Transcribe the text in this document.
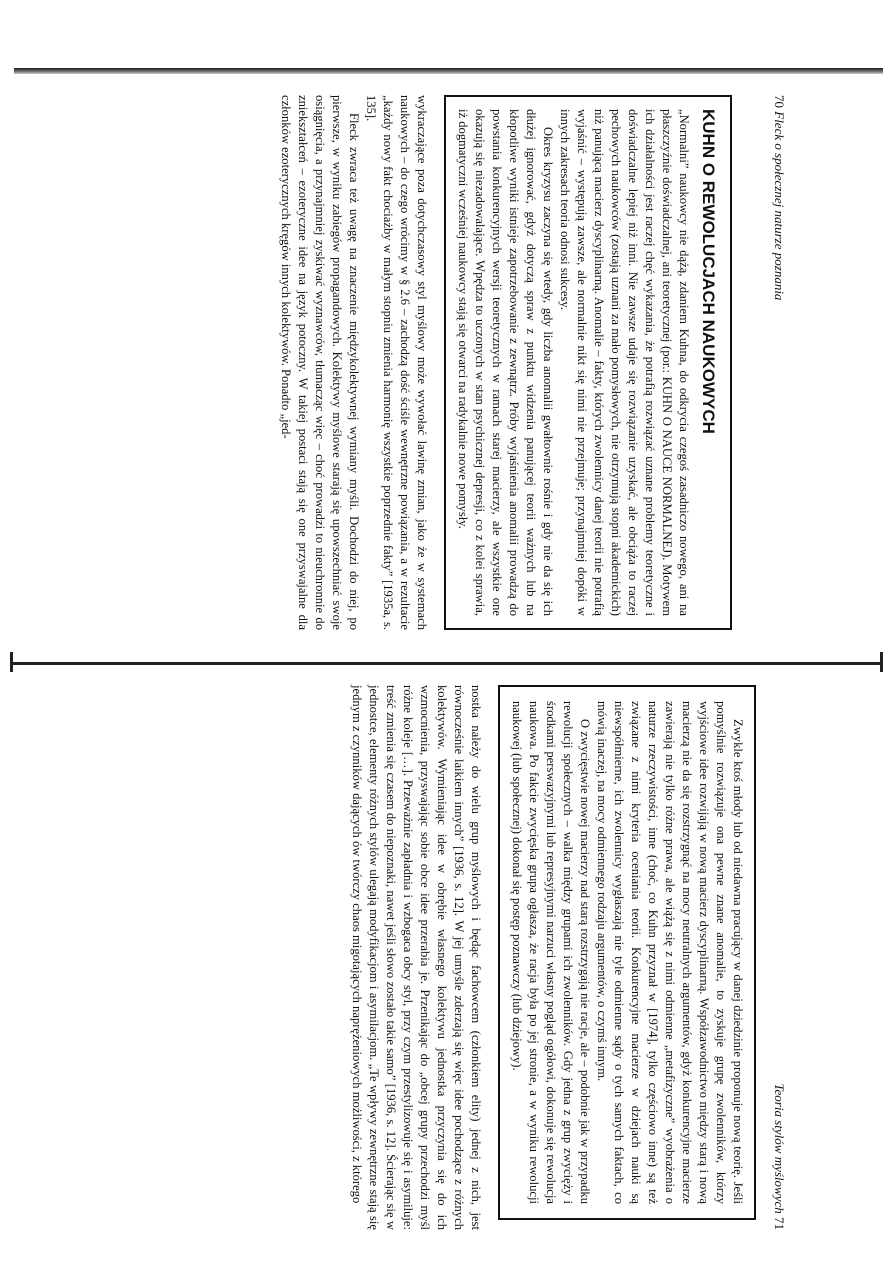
70 Fleck o społecznej naturze poznania
KUHN O REWOLUCJACH NAUKOWYCH

„Normalni” naukowcy nie dążą, zdaniem Kuhna, do odkrycia czegoś zasadniczo nowego, ani na płaszczyźnie doświadczalnej, ani teoretycznej (por.: KUHN O NAUCE NORMALNEJ). Motywem ich działalności jest raczej chęć wykazania, że potrafią rozwiązać uznane problemy teoretyczne i doświadczalne lepiej niż inni. Nie zawsze udaje się rozwiązanie uzyskać, ale obciąża to raczej pechowych naukowców (zostają uznani za mało pomysłowych, nie otrzymują stopni akademickich) niż panującą macierz dyscyplinarną. Anomalie – fakty, których zwolennicy danej teorii nie potrafią wyjaśnić – występują zawsze, ale normalnie nikt się nimi nie przejmuje; przynajmniej dopóki w innych zakresach teoria odnosi sukcesy.

Okres kryzysu zaczyna się wtedy, gdy liczba anomalii gwałtownie rośnie i gdy nie da się ich dłużej ignorować, gdyż dotyczą spraw z punktu widzenia panującej teorii ważnych lub na kłopotliwe wyniki istnieje zapotrzebowanie z zewnątrz. Próby wyjaśnienia anomalii prowadzą do powstania konkurencyjnych wersji teoretycznych w ramach starej macierzy, ale wszystkie one okazują się niezadowalające. Wpędza to uczonych w stan psychicznej depresji, co z kolei sprawia, iż dogmatyczni wcześniej naukowcy stają się otwarci na radykalnie nowe pomysły.

wykraczające poza dotychczasowy styl myślowy może wywołać lawinę zmian, jako że w systemach naukowych – do czego wrócimy w § 2.6 – zachodzą dość ściśle wewnętrzne powiązania, a w rezultacie „każdy nowy fakt chociażby w małym stopniu zmienia harmonię wszystkie poprzednie fakty” [1935a, s. 135].

Fleck zwraca też uwagę na znaczenie międzykolektywnej wymiany myśli. Dochodzi do niej, po pierwsze, w wyniku zabiegów propagandowych. Kolektywy myślowe starają się upowszechniać swoje osiągnięcia, a przynajmniej zyskiwać wyznawców, tłumacząc więc – choć prowadzi to nieuchronnie do zniekształceń – ezoteryczne idee na język potoczny. W takiej postaci stają się one przyswajalne dla członków ezoterycznych kręgów innych kolektywów. Ponadto „jed-

Teoria stylów myślowych 71

Zwykle ktoś młody lub od niedawna pracujący w danej dziedzinie proponuje nową teorię. Jeśli pomyślnie rozwiązuje ona pewne znane anomalie, to zyskuje grupę zwolenników, którzy wyjściowe idee rozwijają w nową macierz dyscyplinarną. Współzawodnictwo między starą i nową macierzą nie da się rozstrzygnąć na mocy neutralnych argumentów, gdyż konkurencyjne macierze zawierają nie tylko różne prawa, ale wiążą się z nimi odmienne „metafizyczne” wyobrażenia o naturze rzeczywistości, inne (choć, co Kuhn przyznał w [1974], tylko częściowo inne) są też związane z nimi kryteria oceniania teorii. Konkurencyjne macierze w dziejach nauki są niewspółmierne, ich zwolennicy wygłaszają nie tyle odmienne sądy o tych samych faktach, co mówią inaczej, na mocy odmiennego rodzaju argumentów, o czymś innym.

O zwycięstwie nowej macierzy nad starą rozstrzygają nie racje, ale – podobnie jak w przypadku rewolucji społecznych – walka między grupami ich zwolenników. Gdy jedna z grup zwycięży i środkami perswazyjnymi lub represyjnymi narzuci własny pogląd ogółowi, dokonuje się rewolucja naukowa. Po fakcie zwycięska grupa ogłasza, że racja była po jej stronie, a w wyniku rewolucji naukowej (lub społecznej) dokonał się postęp poznawczy (lub dziejowy).

nostka należy do wielu grup myślowych i będąc fachowcem (członkiem elity) jednej z nich, jest równocześnie laikiem innych” [1936, s. 12]. W jej umyśle zderzają się więc idee pochodzące z różnych kolektywów. Wymieniając idee w obrębie własnego kolektywu jednostka przyczynia się do ich wzmocnienia, przyswajając sobie obce idee przerabia je. Przenikając do „obcej grupy przechodzi myśl różne koleje […]. Przeważnie zapładnia i wzbogaca obcy styl, przy czym przestylizowuje się i asymiluje: treść zmienia się czasem do niepoznaki, nawet jeśli słowo zostało takie samo” [1936, s. 12]. Ścierając się w jednostce, elementy różnych stylów ulegają modyfikacjom i asymilacjom. „Te wpływy zewnętrzne stają się jednym z czynników dających ów twórczy chaos migotających naprężeniowych możliwości, z którego
